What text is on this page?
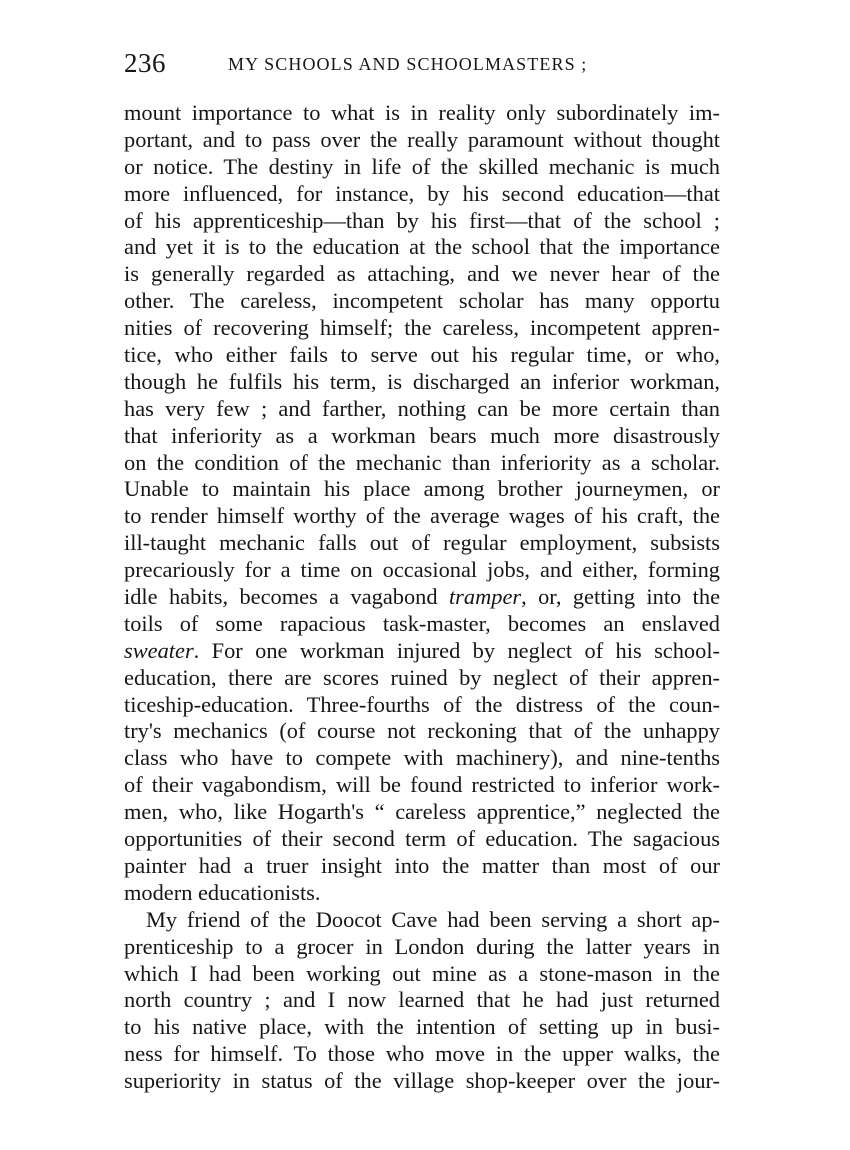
236	MY SCHOOLS AND SCHOOLMASTERS ;
mount importance to what is in reality only subordinately im-
portant, and to pass over the really paramount without thought
or notice. The destiny in life of the skilled mechanic is much
more influenced, for instance, by his second education—that
of his apprenticeship—than by his first—that of the school ;
and yet it is to the education at the school that the importance
is generally regarded as attaching, and we never hear of the
other. The careless, incompetent scholar has many opportu
nities of recovering himself; the careless, incompetent appren-
tice, who either fails to serve out his regular time, or who,
though he fulfils his term, is discharged an inferior workman,
has very few ; and farther, nothing can be more certain than
that inferiority as a workman bears much more disastrously
on the condition of the mechanic than inferiority as a scholar.
Unable to maintain his place among brother journeymen, or
to render himself worthy of the average wages of his craft, the
ill-taught mechanic falls out of regular employment, subsists
precariously for a time on occasional jobs, and either, forming
idle habits, becomes a vagabond tramper, or, getting into the
toils of some rapacious task-master, becomes an enslaved
sweater. For one workman injured by neglect of his school-
education, there are scores ruined by neglect of their appren-
ticeship-education. Three-fourths of the distress of the coun-
try's mechanics (of course not reckoning that of the unhappy
class who have to compete with machinery), and nine-tenths
of their vagabondism, will be found restricted to inferior work-
men, who, like Hogarth's “ careless apprentice,” neglected the
opportunities of their second term of education. The sagacious
painter had a truer insight into the matter than most of our
modern educationists.
My friend of the Doocot Cave had been serving a short ap-
prenticeship to a grocer in London during the latter years in
which I had been working out mine as a stone-mason in the
north country ; and I now learned that he had just returned
to his native place, with the intention of setting up in busi-
ness for himself. To those who move in the upper walks, the
superiority in status of the village shop-keeper over the jour-
